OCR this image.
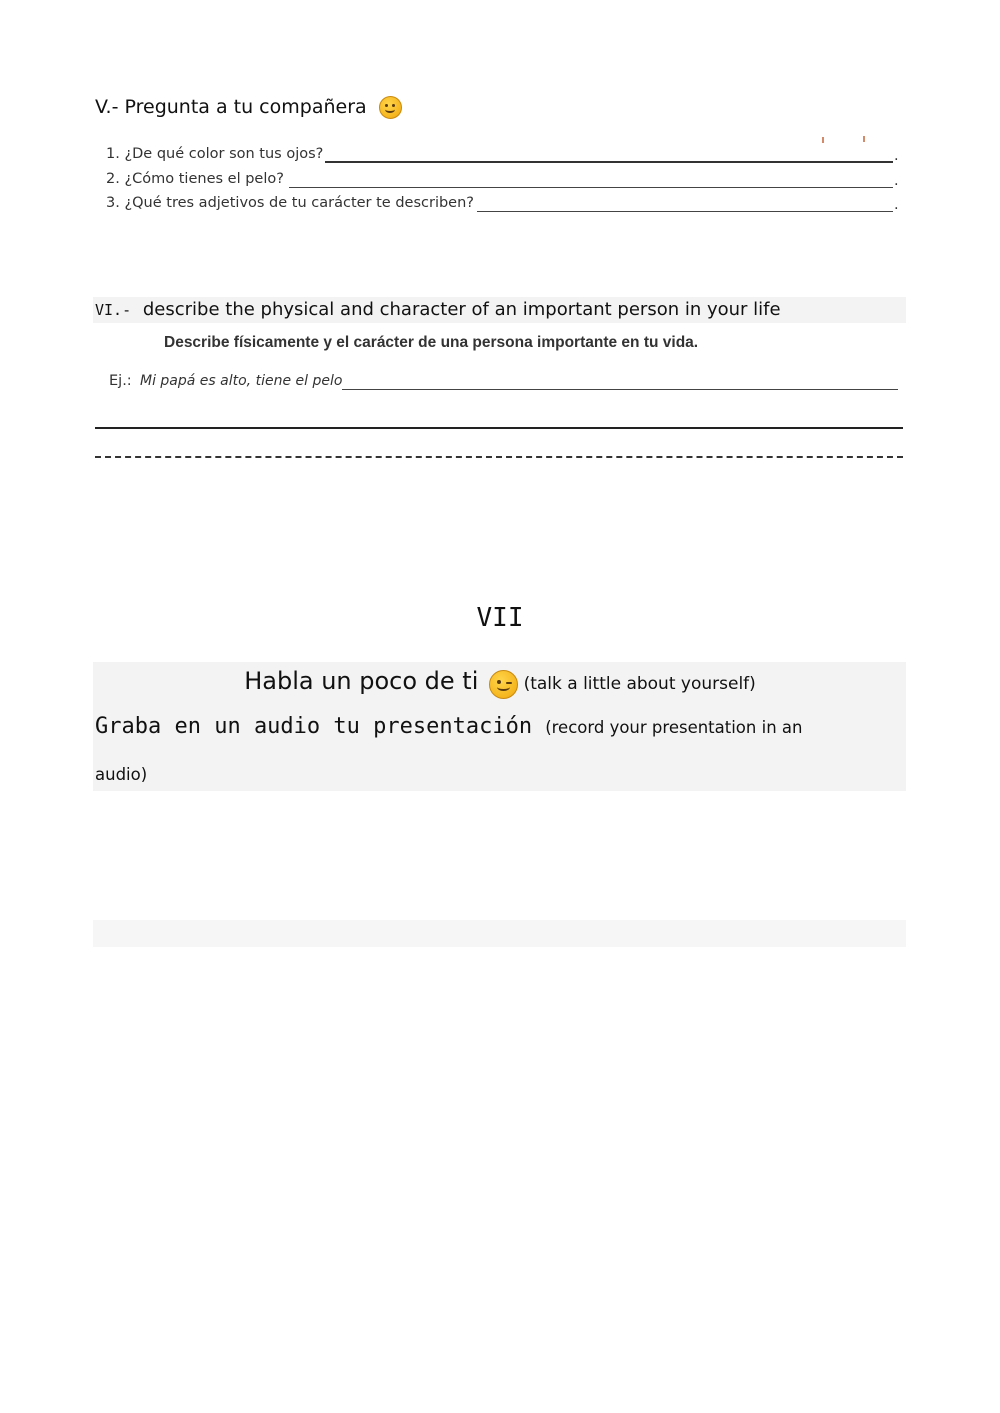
V.- Pregunta a tu compañera
1. ¿De qué color son tus ojos?	.
2. ¿Cómo tienes el pelo?	.
3. ¿Qué tres adjetivos de tu carácter te describen?	.
VI.- describe the physical and character of an important person in your life
Describe físicamente y el carácter de una persona importante en tu vida.
Ej.: Mi papá es alto, tiene el pelo
VII
Habla un poco de ti	(talk a little about yourself)
Graba en un audio tu presentación (record your presentation in an
audio)
